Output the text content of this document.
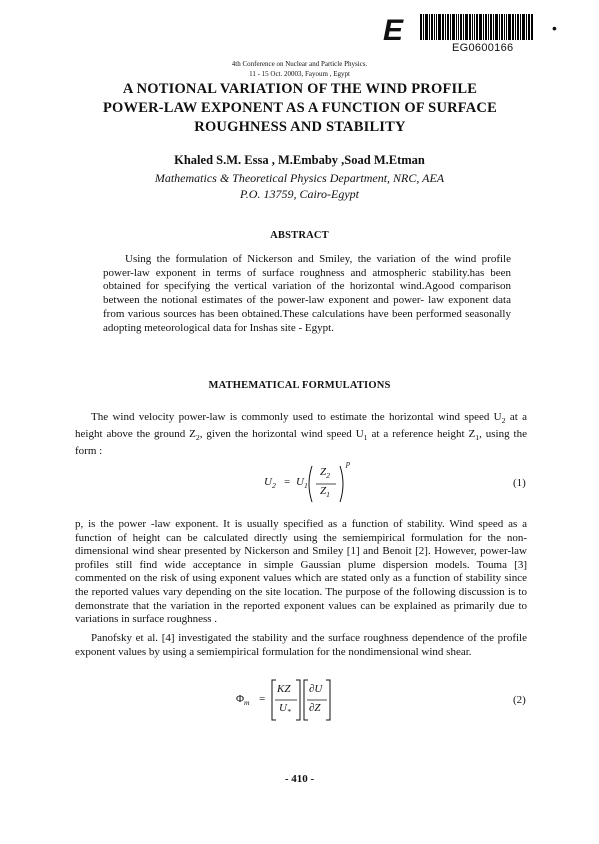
E	•
EG0600166
4th Conference on Nuclear and Particle Physics.
11 - 15 Oct. 20003, Fayoum , Egypt
A NOTIONAL VARIATION OF THE WIND PROFILE
POWER-LAW EXPONENT AS A FUNCTION OF SURFACE
ROUGHNESS AND STABILITY
Khaled S.M. Essa , M.Embaby ,Soad M.Etman
Mathematics & Theoretical Physics Department, NRC, AEA
P.O. 13759, Cairo-Egypt
ABSTRACT
Using the formulation of Nickerson and Smiley, the variation of the wind profile power-law exponent in terms of surface roughness and atmospheric stability.has been obtained for specifying the vertical variation of the horizontal wind.Agood comparison between the notional estimates of the power-law exponent and power- law exponent data from various sources has been obtained.These calculations have been performed seasonally adopting meteorological data for Inshas site - Egypt.
MATHEMATICAL FORMULATIONS
The wind velocity power-law is commonly used to estimate the horizontal wind speed $U_2$ at a height above the ground $Z_2$, given the horizontal wind speed $U_1$ at a reference height $Z_1$, using the form :
$U_2 = U_1$
$Z_2$
$Z_1$
p
(1)
p, is the power -law exponent. It is usually specified as a function of stability. Wind speed as a function of height can be calculated directly using the semiempirical formulation for the non-dimensional wind shear presented by Nickerson and Smiley [1] and Benoit [2]. However, power-law profiles still find wide acceptance in simple Gaussian plume dispersion models. Touma [3] commented on the risk of using exponent values which are stated only as a function of stability since the reported values vary depending on the site location. The purpose of the following discussion is to demonstrate that the variation in the reported exponent values can be explained as primarily due to variations in surface roughness .
Panofsky et al. [4] investigated the stability and the surface roughness dependence of the profile exponent values by using a semiempirical formulation for the nondimensional wind shear.
$\Phi_m$ =
KZ
$U_*$
∂U
∂Z
(2)
- 410 -
